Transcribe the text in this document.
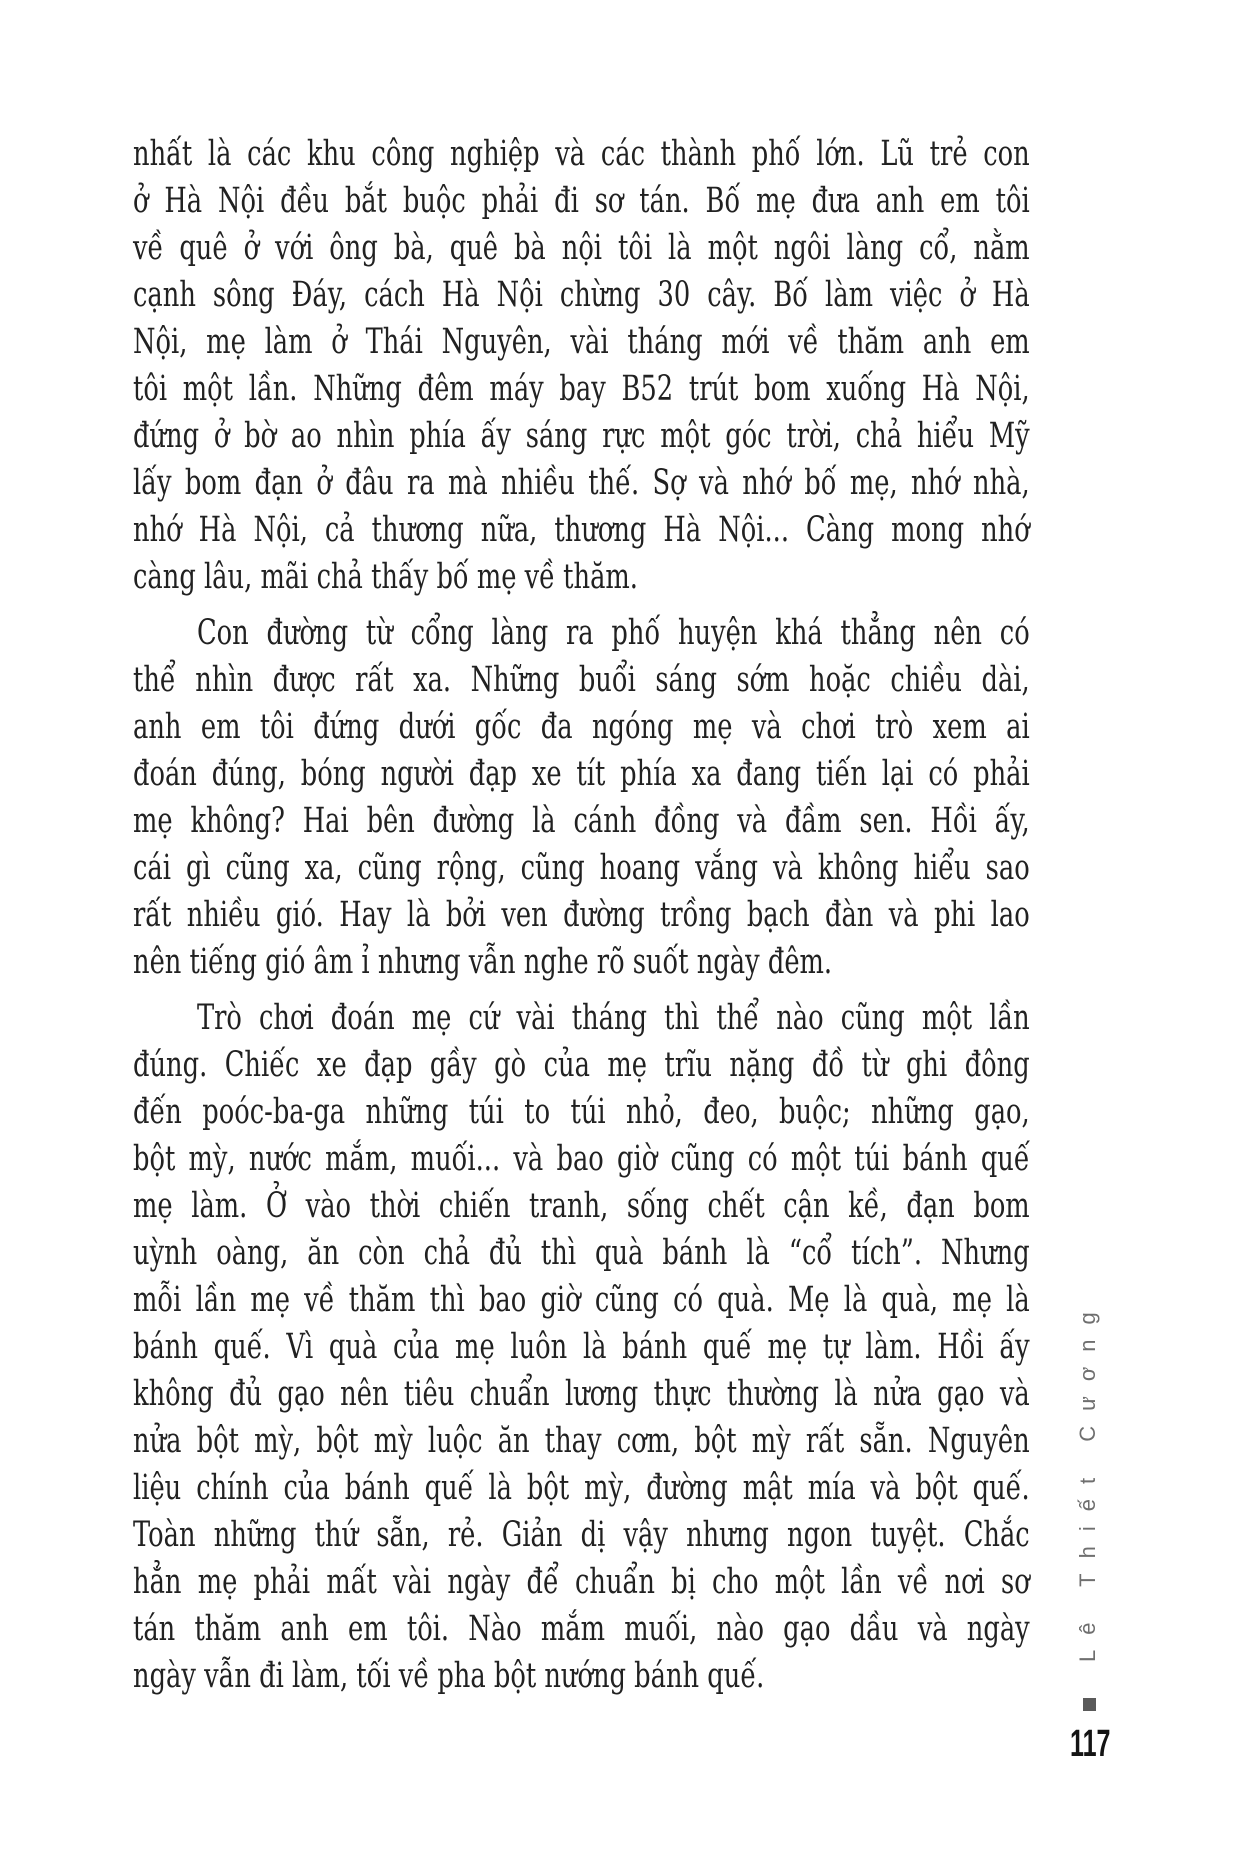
nhất là các khu công nghiệp và các thành phố lớn. Lũ trẻ con
ở Hà Nội đều bắt buộc phải đi sơ tán. Bố mẹ đưa anh em tôi
về quê ở với ông bà, quê bà nội tôi là một ngôi làng cổ, nằm
cạnh sông Đáy, cách Hà Nội chừng 30 cây. Bố làm việc ở Hà
Nội, mẹ làm ở Thái Nguyên, vài tháng mới về thăm anh em
tôi một lần. Những đêm máy bay B52 trút bom xuống Hà Nội,
đứng ở bờ ao nhìn phía ấy sáng rực một góc trời, chả hiểu Mỹ
lấy bom đạn ở đâu ra mà nhiều thế. Sợ và nhớ bố mẹ, nhớ nhà,
nhớ Hà Nội, cả thương nữa, thương Hà Nội... Càng mong nhớ
càng lâu, mãi chả thấy bố mẹ về thăm.
Con đường từ cổng làng ra phố huyện khá thẳng nên có
thể nhìn được rất xa. Những buổi sáng sớm hoặc chiều dài,
anh em tôi đứng dưới gốc đa ngóng mẹ và chơi trò xem ai
đoán đúng, bóng người đạp xe tít phía xa đang tiến lại có phải
mẹ không? Hai bên đường là cánh đồng và đầm sen. Hồi ấy,
cái gì cũng xa, cũng rộng, cũng hoang vắng và không hiểu sao
rất nhiều gió. Hay là bởi ven đường trồng bạch đàn và phi lao
nên tiếng gió âm ỉ nhưng vẫn nghe rõ suốt ngày đêm.
Trò chơi đoán mẹ cứ vài tháng thì thể nào cũng một lần
đúng. Chiếc xe đạp gầy gò của mẹ trĩu nặng đồ từ ghi đông
đến poóc-ba-ga những túi to túi nhỏ, đeo, buộc; những gạo,
bột mỳ, nước mắm, muối... và bao giờ cũng có một túi bánh quế
mẹ làm. Ở vào thời chiến tranh, sống chết cận kề, đạn bom
uỳnh oàng, ăn còn chả đủ thì quà bánh là “cổ tích”. Nhưng
mỗi lần mẹ về thăm thì bao giờ cũng có quà. Mẹ là quà, mẹ là
bánh quế. Vì quà của mẹ luôn là bánh quế mẹ tự làm. Hồi ấy
không đủ gạo nên tiêu chuẩn lương thực thường là nửa gạo và
nửa bột mỳ, bột mỳ luộc ăn thay cơm, bột mỳ rất sẵn. Nguyên
liệu chính của bánh quế là bột mỳ, đường mật mía và bột quế.
Toàn những thứ sẵn, rẻ. Giản dị vậy nhưng ngon tuyệt. Chắc
hẳn mẹ phải mất vài ngày để chuẩn bị cho một lần về nơi sơ
tán thăm anh em tôi. Nào mắm muối, nào gạo dầu và ngày
ngày vẫn đi làm, tối về pha bột nướng bánh quế.
Lê Thiết Cương
117
